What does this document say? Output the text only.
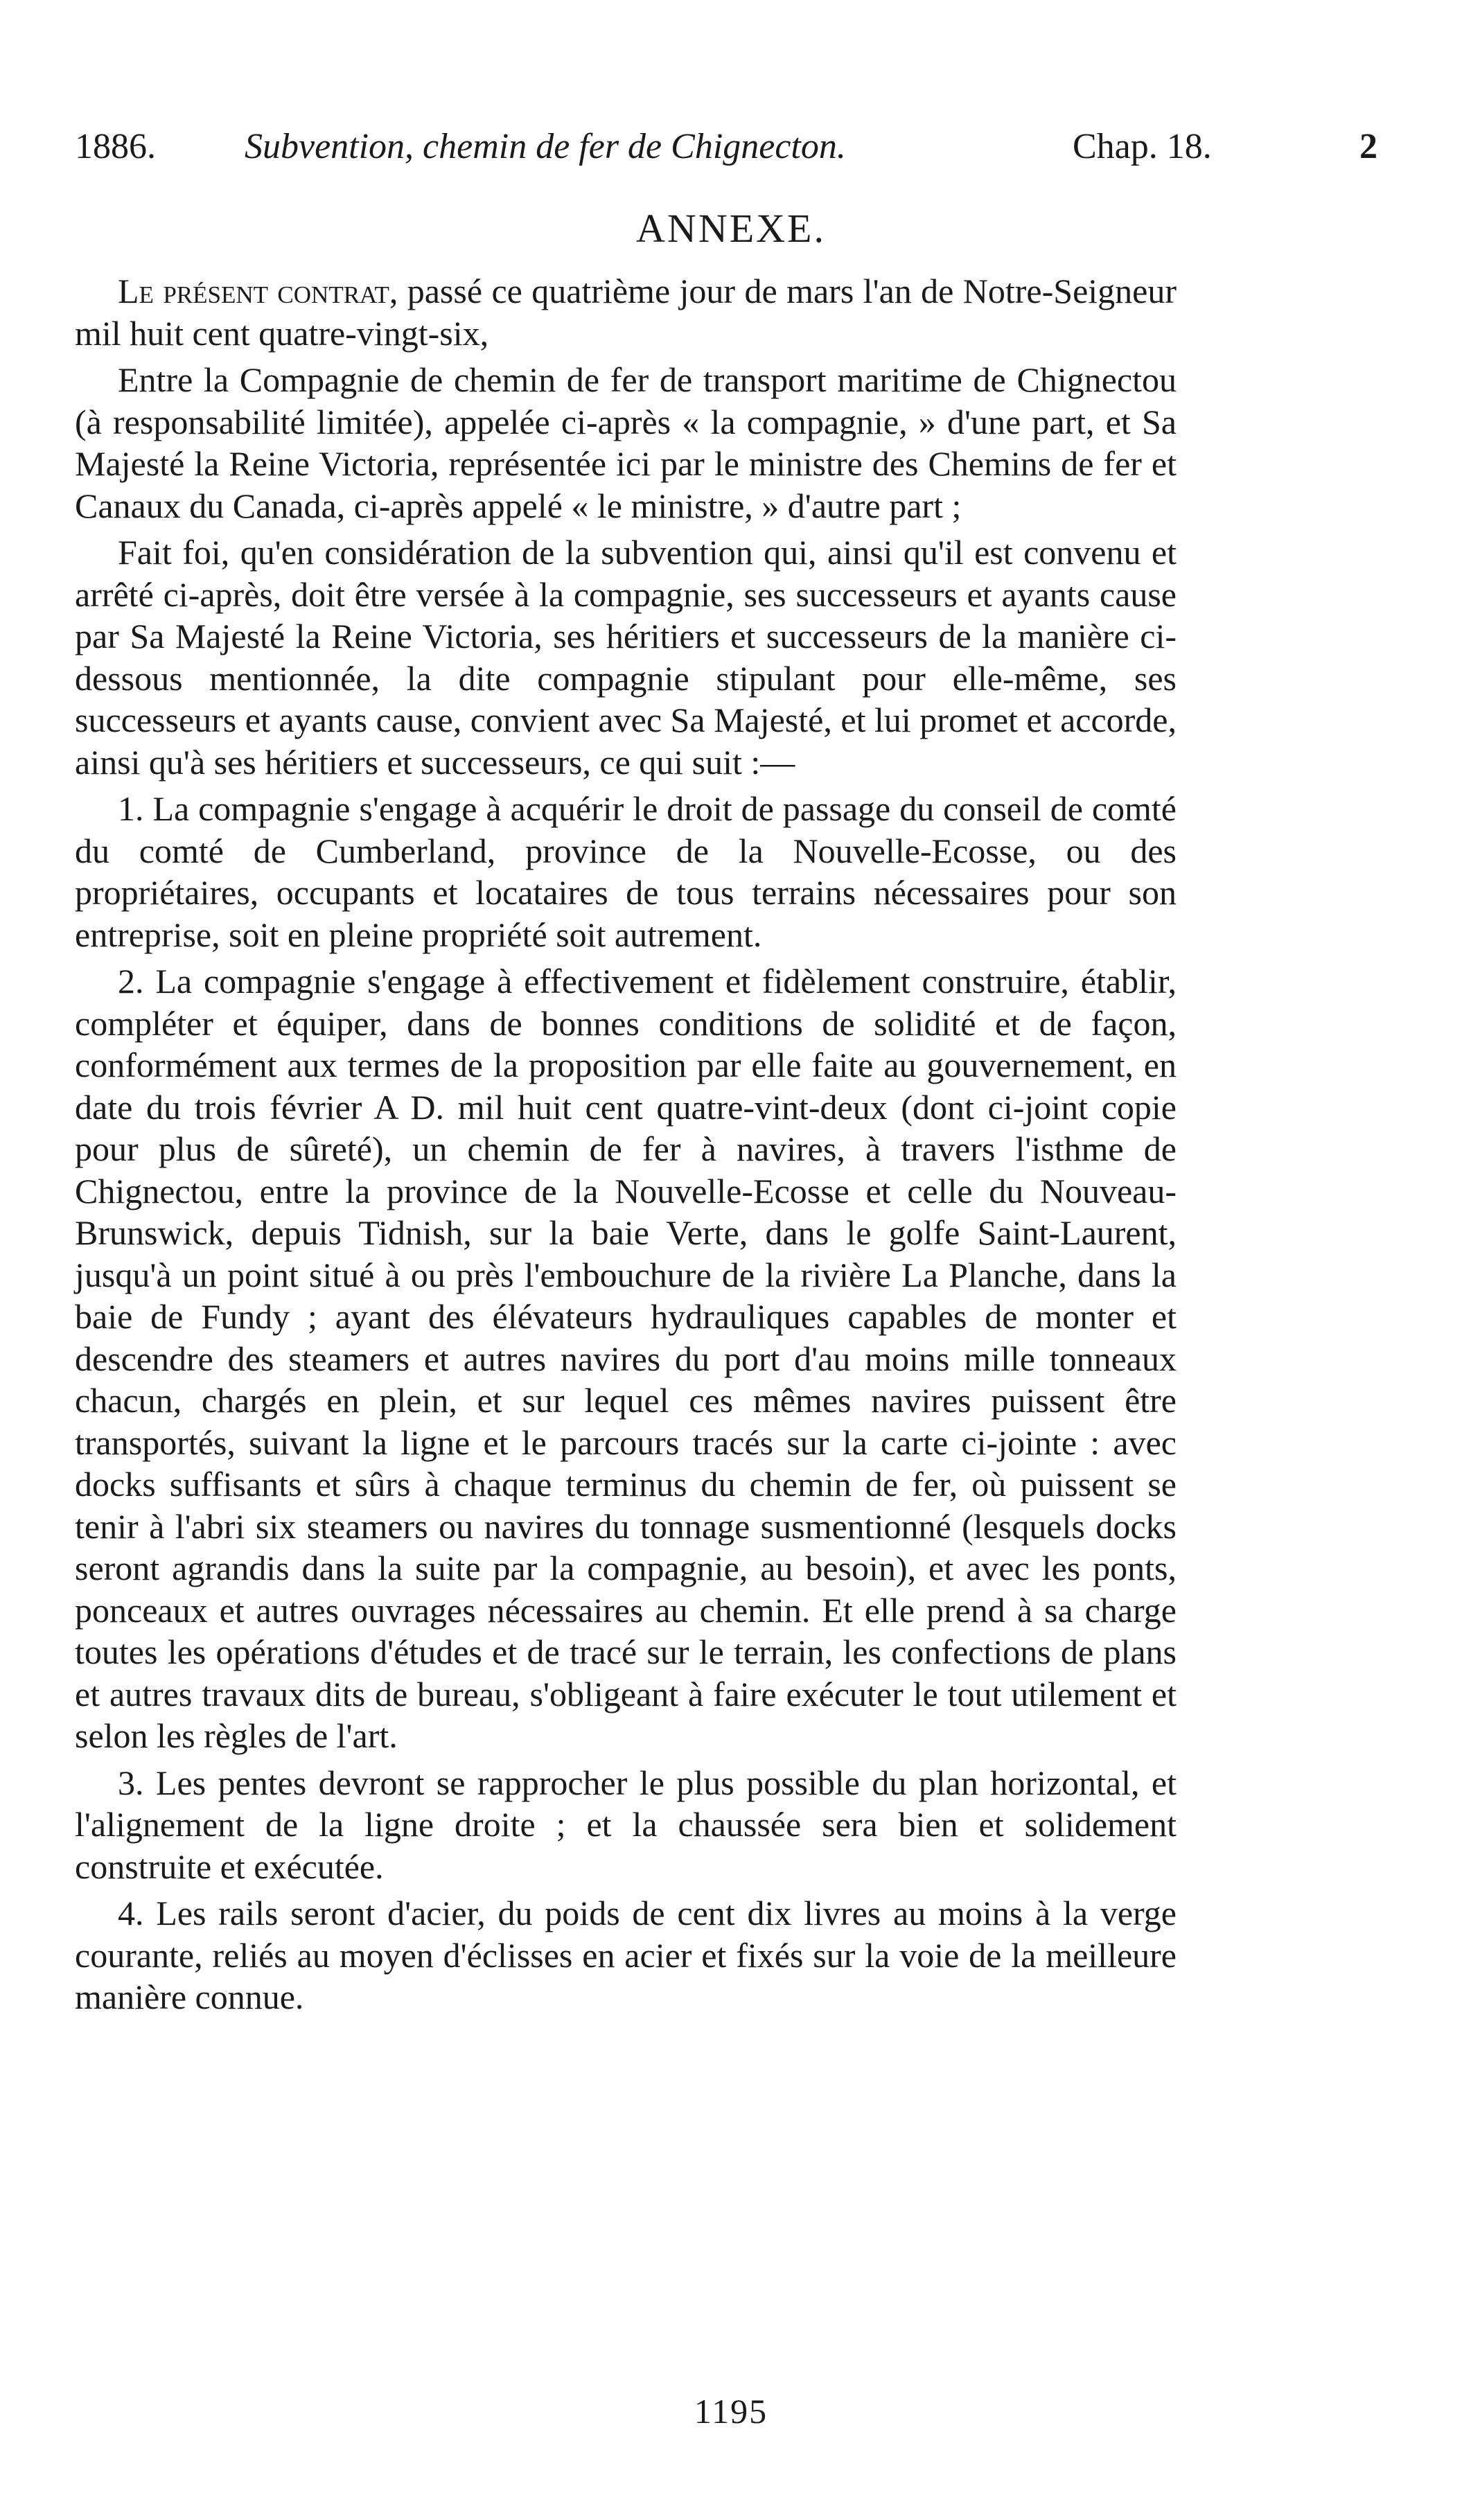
1886. Subvention, chemin de fer de Chignecton.	Chap. 18.	2
ANNEXE.

Le présent contrat, passé ce quatrième jour de mars l'an de Notre-Seigneur mil huit cent quatre-vingt-six,

Entre la Compagnie de chemin de fer de transport maritime de Chignectou (à responsabilité limitée), appelée ci-après « la compagnie, » d'une part, et Sa Majesté la Reine Victoria, représentée ici par le ministre des Chemins de fer et Canaux du Canada, ci-après appelé « le ministre, » d'autre part ;

Fait foi, qu'en considération de la subvention qui, ainsi qu'il est convenu et arrêté ci-après, doit être versée à la compagnie, ses successeurs et ayants cause par Sa Majesté la Reine Victoria, ses héritiers et successeurs de la manière ci-dessous mentionnée, la dite compagnie stipulant pour elle-même, ses successeurs et ayants cause, convient avec Sa Majesté, et lui promet et accorde, ainsi qu'à ses héritiers et successeurs, ce qui suit :—

1. La compagnie s'engage à acquérir le droit de passage du conseil de comté du comté de Cumberland, province de la Nouvelle-Ecosse, ou des propriétaires, occupants et locataires de tous terrains nécessaires pour son entreprise, soit en pleine propriété soit autrement.

2. La compagnie s'engage à effectivement et fidèlement construire, établir, compléter et équiper, dans de bonnes conditions de solidité et de façon, conformément aux termes de la proposition par elle faite au gouvernement, en date du trois février A D. mil huit cent quatre-vint-deux (dont ci-joint copie pour plus de sûreté), un chemin de fer à navires, à travers l'isthme de Chignectou, entre la province de la Nouvelle-Ecosse et celle du Nouveau-Brunswick, depuis Tidnish, sur la baie Verte, dans le golfe Saint-Laurent, jusqu'à un point situé à ou près l'embouchure de la rivière La Planche, dans la baie de Fundy ; ayant des élévateurs hydrauliques capables de monter et descendre des steamers et autres navires du port d'au moins mille tonneaux chacun, chargés en plein, et sur lequel ces mêmes navires puissent être transportés, suivant la ligne et le parcours tracés sur la carte ci-jointe : avec docks suffisants et sûrs à chaque terminus du chemin de fer, où puissent se tenir à l'abri six steamers ou navires du tonnage susmentionné (lesquels docks seront agrandis dans la suite par la compagnie, au besoin), et avec les ponts, ponceaux et autres ouvrages nécessaires au chemin. Et elle prend à sa charge toutes les opérations d'études et de tracé sur le terrain, les confections de plans et autres travaux dits de bureau, s'obligeant à faire exécuter le tout utilement et selon les règles de l'art.

3. Les pentes devront se rapprocher le plus possible du plan horizontal, et l'alignement de la ligne droite ; et la chaussée sera bien et solidement construite et exécutée.

4. Les rails seront d'acier, du poids de cent dix livres au moins à la verge courante, reliés au moyen d'éclisses en acier et fixés sur la voie de la meilleure manière connue.

1195
